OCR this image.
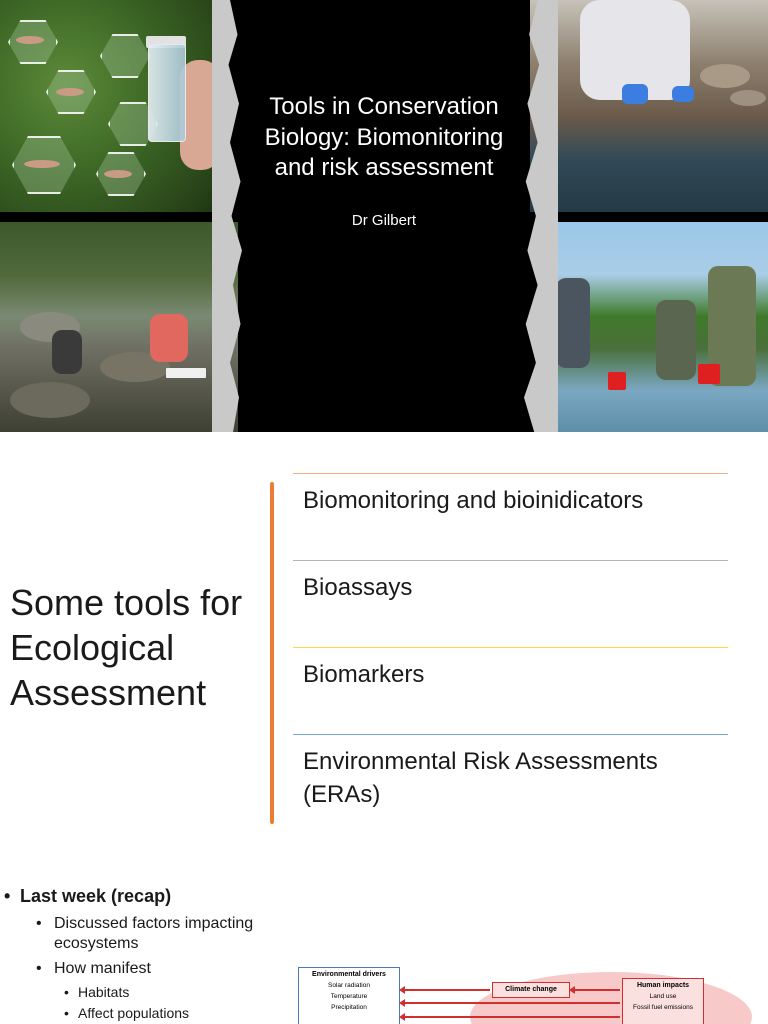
Tools in Conservation Biology: Biomonitoring and risk assessment
Dr Gilbert
Some tools for Ecological Assessment
Biomonitoring and bioinidicators
Bioassays
Biomarkers
Environmental Risk Assessments (ERAs)
• Last week (recap)
• Discussed factors impacting ecosystems
• How manifest
• Habitats
• Affect populations
Environmental drivers
Solar radiation
Temperature
Precipitation
Climate change
Human impacts
Land use
Fossil fuel emissions
